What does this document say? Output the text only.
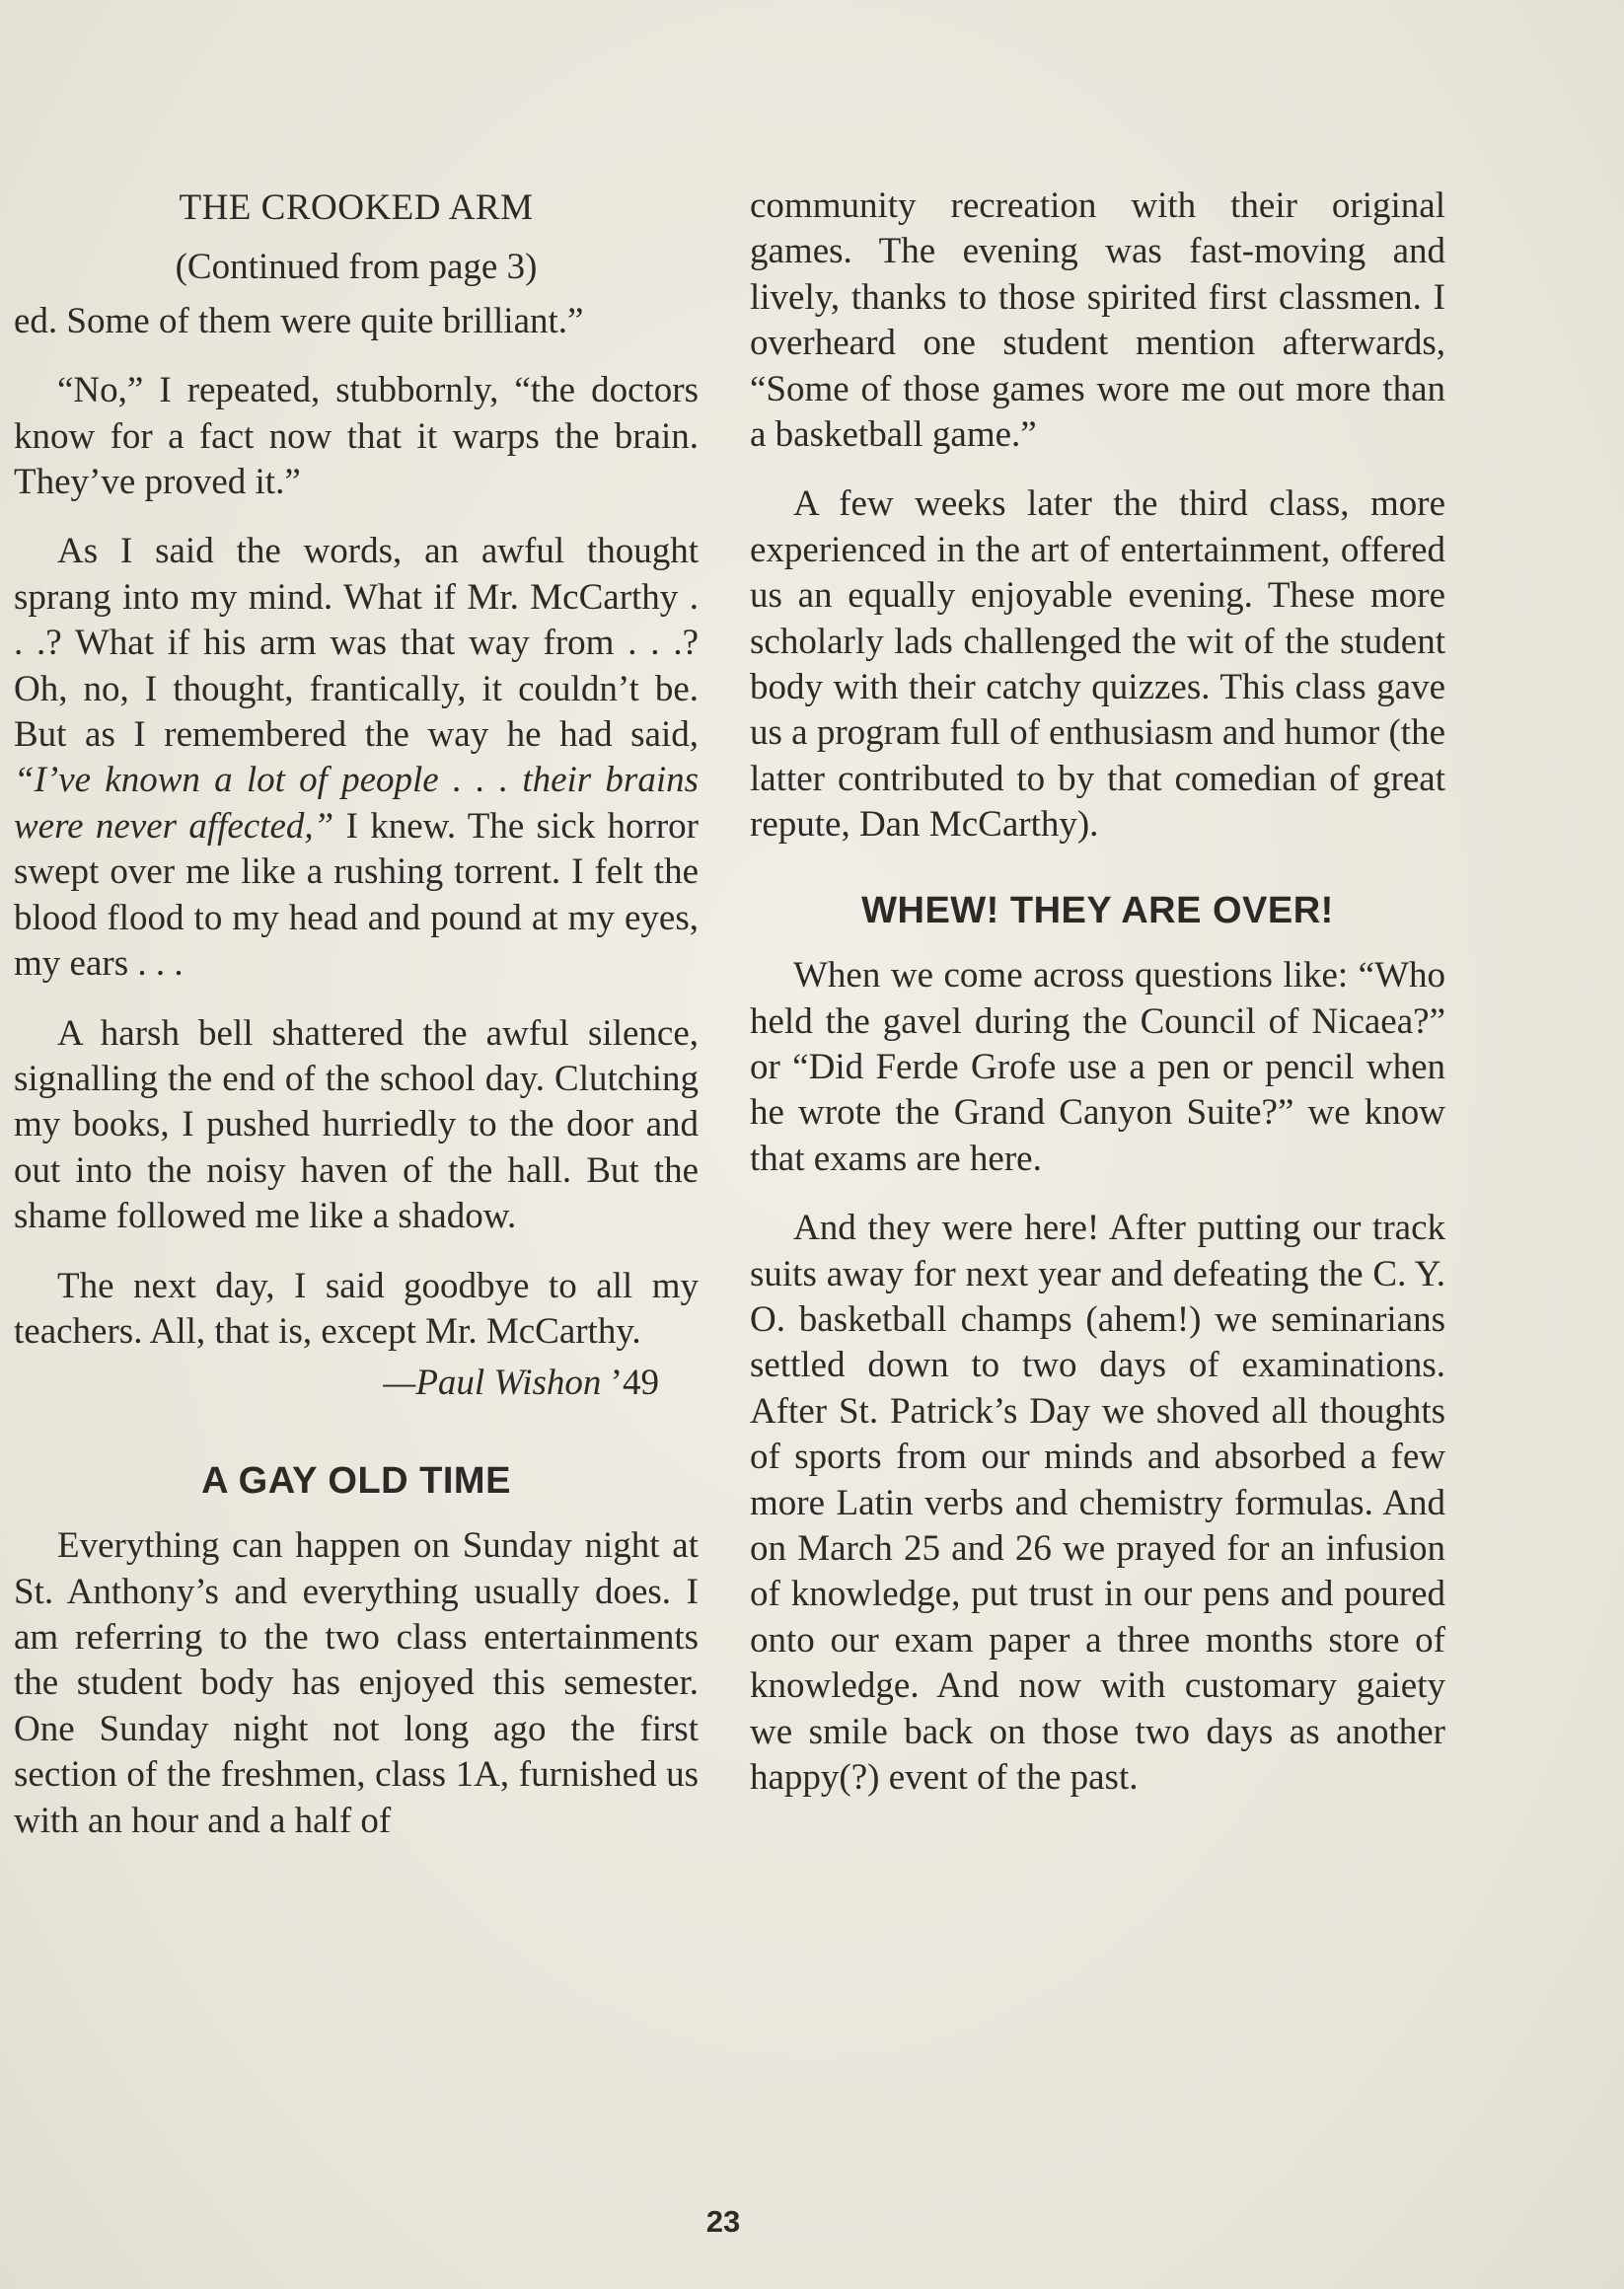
THE CROOKED ARM
(Continued from page 3)

ed. Some of them were quite brilliant.”

“No,” I repeated, stubbornly, “the doctors know for a fact now that it warps the brain. They’ve proved it.”

As I said the words, an awful thought sprang into my mind. What if Mr. McCarthy . . .? What if his arm was that way from . . .? Oh, no, I thought, frantically, it couldn’t be. But as I remembered the way he had said, “I’ve known a lot of people . . . their brains were never affected,” I knew. The sick horror swept over me like a rushing torrent. I felt the blood flood to my head and pound at my eyes, my ears . . .

A harsh bell shattered the awful silence, signalling the end of the school day. Clutching my books, I pushed hurriedly to the door and out into the noisy haven of the hall. But the shame followed me like a shadow.

The next day, I said goodbye to all my teachers. All, that is, except Mr. McCarthy.

—Paul Wishon ’49
A GAY OLD TIME

Everything can happen on Sunday night at St. Anthony’s and everything usually does. I am referring to the two class entertainments the student body has enjoyed this semester. One Sunday night not long ago the first section of the freshmen, class 1A, furnished us with an hour and a half of

community recreation with their original games. The evening was fast-moving and lively, thanks to those spirited first classmen. I overheard one student mention afterwards, “Some of those games wore me out more than a basketball game.”

A few weeks later the third class, more experienced in the art of entertainment, offered us an equally enjoyable evening. These more scholarly lads challenged the wit of the student body with their catchy quizzes. This class gave us a program full of enthusiasm and humor (the latter contributed to by that comedian of great repute, Dan McCarthy).

WHEW! THEY ARE OVER!

When we come across questions like: “Who held the gavel during the Council of Nicaea?” or “Did Ferde Grofe use a pen or pencil when he wrote the Grand Canyon Suite?” we know that exams are here.

And they were here! After putting our track suits away for next year and defeating the C. Y. O. basketball champs (ahem!) we seminarians settled down to two days of examinations. After St. Patrick’s Day we shoved all thoughts of sports from our minds and absorbed a few more Latin verbs and chemistry formulas. And on March 25 and 26 we prayed for an infusion of knowledge, put trust in our pens and poured onto our exam paper a three months store of knowledge. And now with customary gaiety we smile back on those two days as another happy(?) event of the past.

23
